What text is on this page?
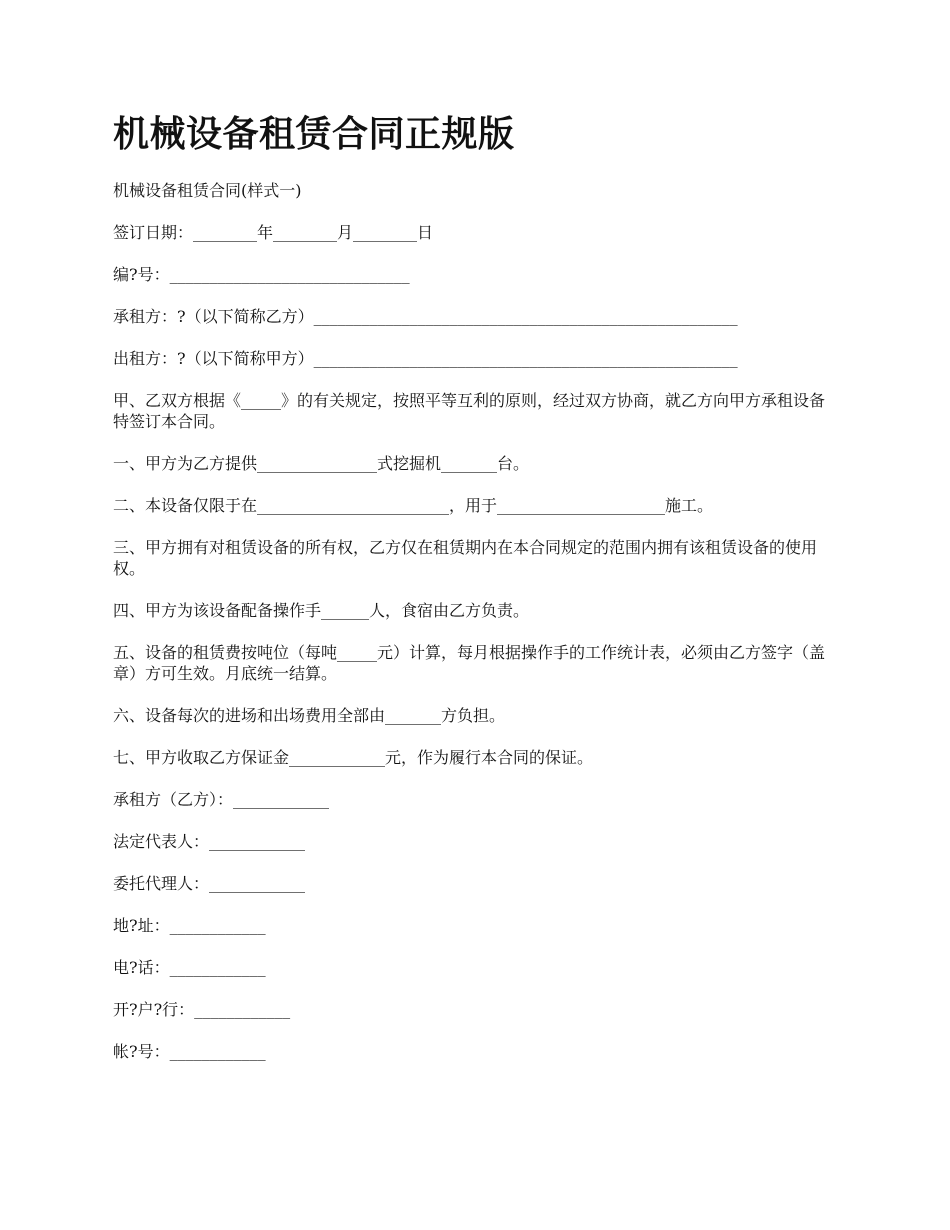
机械设备租赁合同正规版

机械设备租赁合同(样式一)

签订日期：________年________月________日

编?号：______________________________

承租方：?（以下简称乙方）_____________________________________________________

出租方：?（以下简称甲方）_____________________________________________________

甲、乙双方根据《_____》的有关规定，按照平等互利的原则，经过双方协商，就乙方向甲方承租设备特签订本合同。

一、甲方为乙方提供_______________式挖掘机_______台。

二、本设备仅限于在________________________，用于_____________________施工。

三、甲方拥有对租赁设备的所有权，乙方仅在租赁期内在本合同规定的范围内拥有该租赁设备的使用权。

四、甲方为该设备配备操作手______人，食宿由乙方负责。

五、设备的租赁费按吨位（每吨_____元）计算，每月根据操作手的工作统计表，必须由乙方签字（盖章）方可生效。月底统一结算。

六、设备每次的进场和出场费用全部由_______方负担。

七、甲方收取乙方保证金____________元，作为履行本合同的保证。

承租方（乙方）：____________

法定代表人：____________

委托代理人：____________

地?址：____________

电?话：____________

开?户?行：____________

帐?号：____________
